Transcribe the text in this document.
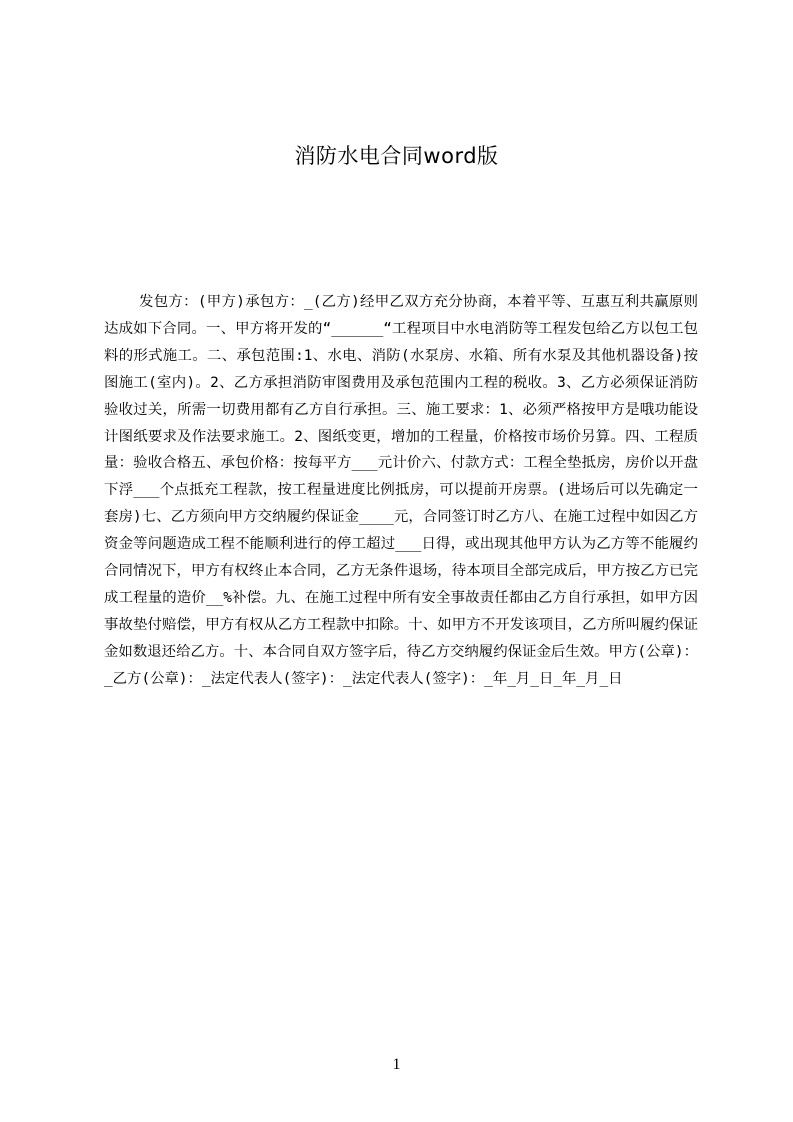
消防水电合同word版

发包方：(甲方)承包方：_(乙方)经甲乙双方充分协商，本着平等、互惠互利共赢原则达成如下合同。一、甲方将开发的“______“工程项目中水电消防等工程发包给乙方以包工包料的形式施工。二、承包范围:1、水电、消防(水泵房、水箱、所有水泵及其他机器设备)按图施工(室内)。2、乙方承担消防审图费用及承包范围内工程的税收。3、乙方必须保证消防验收过关，所需一切费用都有乙方自行承担。三、施工要求：1、必须严格按甲方是哦功能设计图纸要求及作法要求施工。2、图纸变更，增加的工程量，价格按市场价另算。四、工程质量：验收合格五、承包价格：按每平方___元计价六、付款方式：工程全垫抵房，房价以开盘下浮___个点抵充工程款，按工程量进度比例抵房，可以提前开房票。(进场后可以先确定一套房)七、乙方须向甲方交纳履约保证金____元，合同签订时乙方八、在施工过程中如因乙方资金等问题造成工程不能顺利进行的停工超过___日得，或出现其他甲方认为乙方等不能履约合同情况下，甲方有权终止本合同，乙方无条件退场，待本项目全部完成后，甲方按乙方已完成工程量的造价__%补偿。九、在施工过程中所有安全事故责任都由乙方自行承担，如甲方因事故垫付赔偿，甲方有权从乙方工程款中扣除。十、如甲方不开发该项目，乙方所叫履约保证金如数退还给乙方。十、本合同自双方签字后，待乙方交纳履约保证金后生效。甲方(公章)：_乙方(公章)：_法定代表人(签字)：_法定代表人(签字)：_年_月_日_年_月_日

1
